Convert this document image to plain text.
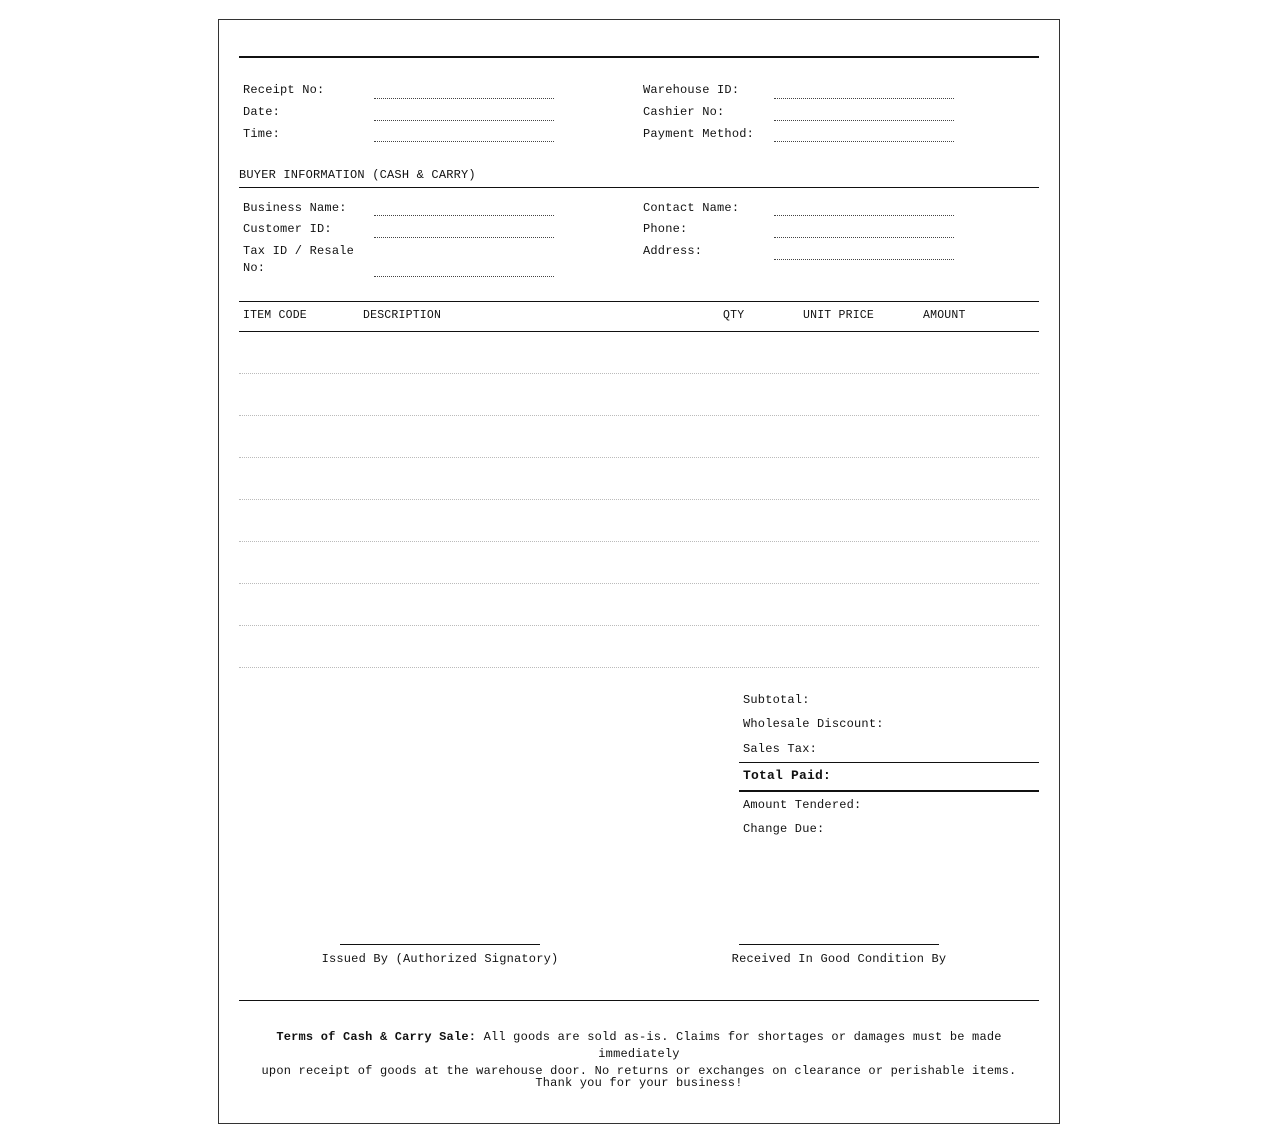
Receipt No:
Date:
Time:
Warehouse ID:
Cashier No:
Payment Method:
BUYER INFORMATION (CASH & CARRY)
Business Name:
Customer ID:
Tax ID / Resale
No:
Contact Name:
Phone:
Address:
ITEM CODE	DESCRIPTION	QTY	UNIT PRICE	AMOUNT
Subtotal:
Wholesale Discount:
Sales Tax:
Total Paid:
Amount Tendered:
Change Due:
Issued By (Authorized Signatory)	Received In Good Condition By
Terms of Cash & Carry Sale: All goods are sold as-is. Claims for shortages or damages must be made immediately
upon receipt of goods at the warehouse door. No returns or exchanges on clearance or perishable items.
Thank you for your business!
